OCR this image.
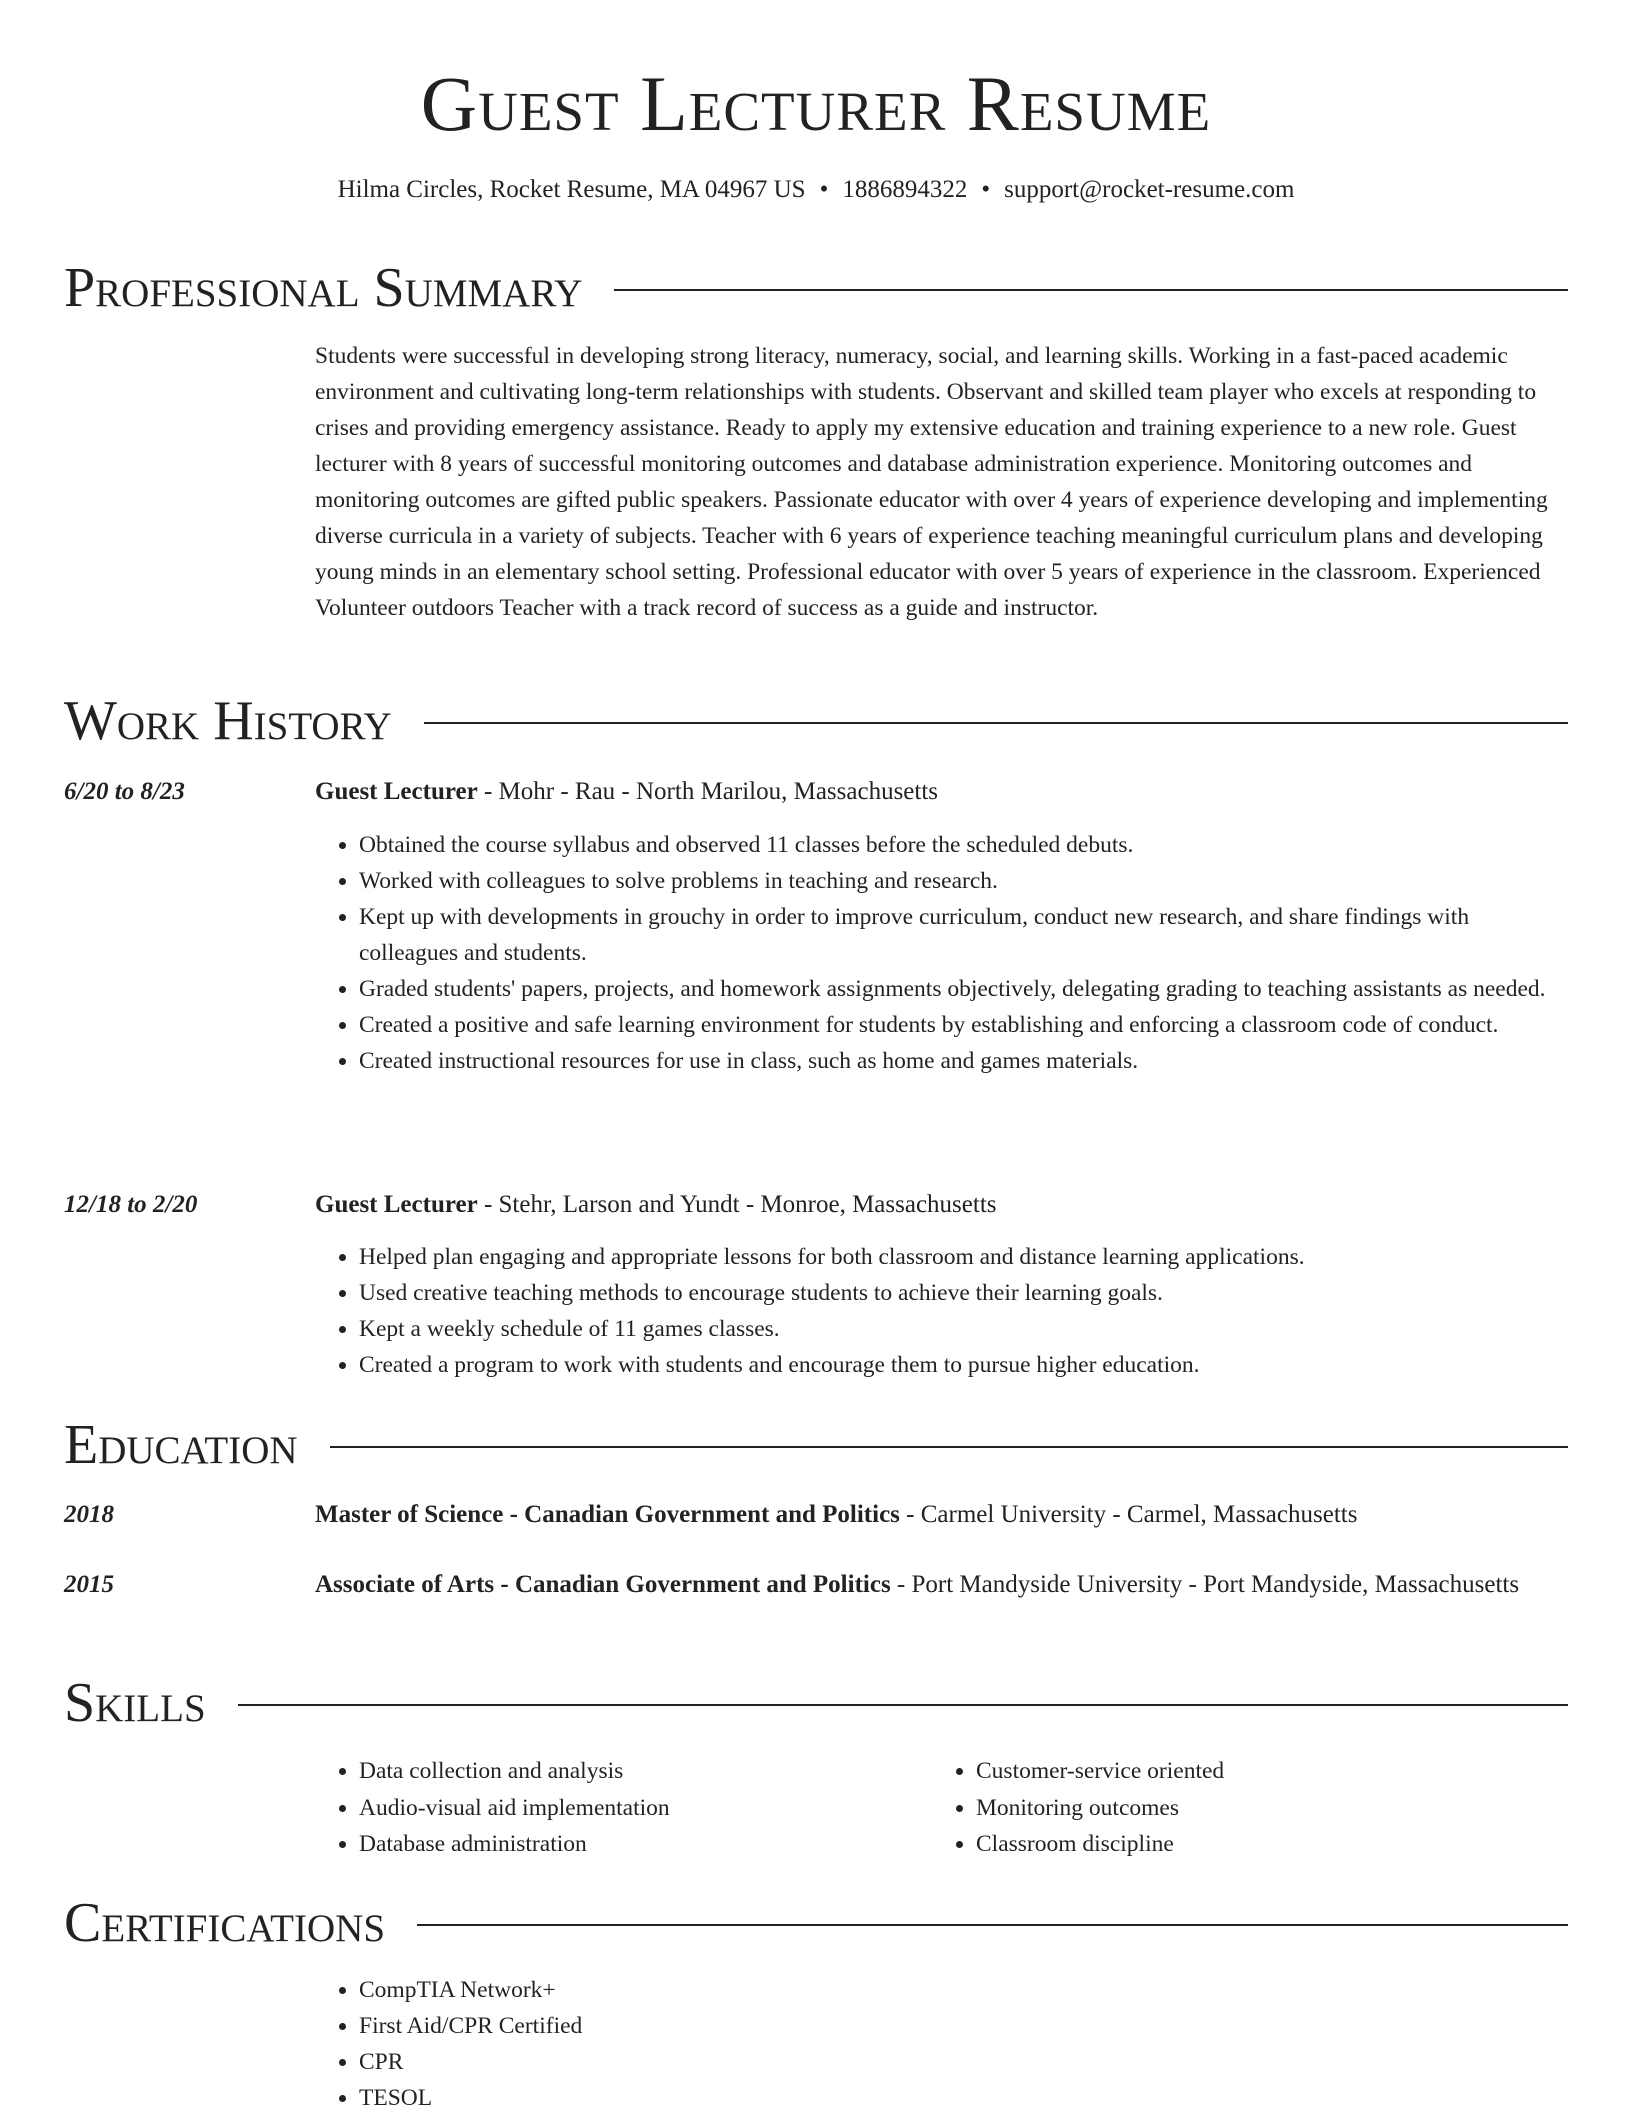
Guest Lecturer Resume
Hilma Circles, Rocket Resume, MA 04967 US • 1886894322 • support@rocket-resume.com
Professional Summary
Students were successful in developing strong literacy, numeracy, social, and learning skills. Working in a fast-paced academic environment and cultivating long-term relationships with students. Observant and skilled team player who excels at responding to crises and providing emergency assistance. Ready to apply my extensive education and training experience to a new role. Guest lecturer with 8 years of successful monitoring outcomes and database administration experience. Monitoring outcomes and monitoring outcomes are gifted public speakers. Passionate educator with over 4 years of experience developing and implementing diverse curricula in a variety of subjects. Teacher with 6 years of experience teaching meaningful curriculum plans and developing young minds in an elementary school setting. Professional educator with over 5 years of experience in the classroom. Experienced Volunteer outdoors Teacher with a track record of success as a guide and instructor.
Work History
6/20 to 8/23	Guest Lecturer - Mohr - Rau - North Marilou, Massachusetts
• Obtained the course syllabus and observed 11 classes before the scheduled debuts.
• Worked with colleagues to solve problems in teaching and research.
• Kept up with developments in grouchy in order to improve curriculum, conduct new research, and share findings with colleagues and students.
• Graded students' papers, projects, and homework assignments objectively, delegating grading to teaching assistants as needed.
• Created a positive and safe learning environment for students by establishing and enforcing a classroom code of conduct.
• Created instructional resources for use in class, such as home and games materials.
12/18 to 2/20	Guest Lecturer - Stehr, Larson and Yundt - Monroe, Massachusetts
• Helped plan engaging and appropriate lessons for both classroom and distance learning applications.
• Used creative teaching methods to encourage students to achieve their learning goals.
• Kept a weekly schedule of 11 games classes.
• Created a program to work with students and encourage them to pursue higher education.
Education
2018	Master of Science - Canadian Government and Politics - Carmel University - Carmel, Massachusetts
2015	Associate of Arts - Canadian Government and Politics - Port Mandyside University - Port Mandyside, Massachusetts
Skills
• Data collection and analysis
• Audio-visual aid implementation
• Database administration
• Customer-service oriented
• Monitoring outcomes
• Classroom discipline
Certifications
• CompTIA Network+
• First Aid/CPR Certified
• CPR
• TESOL
